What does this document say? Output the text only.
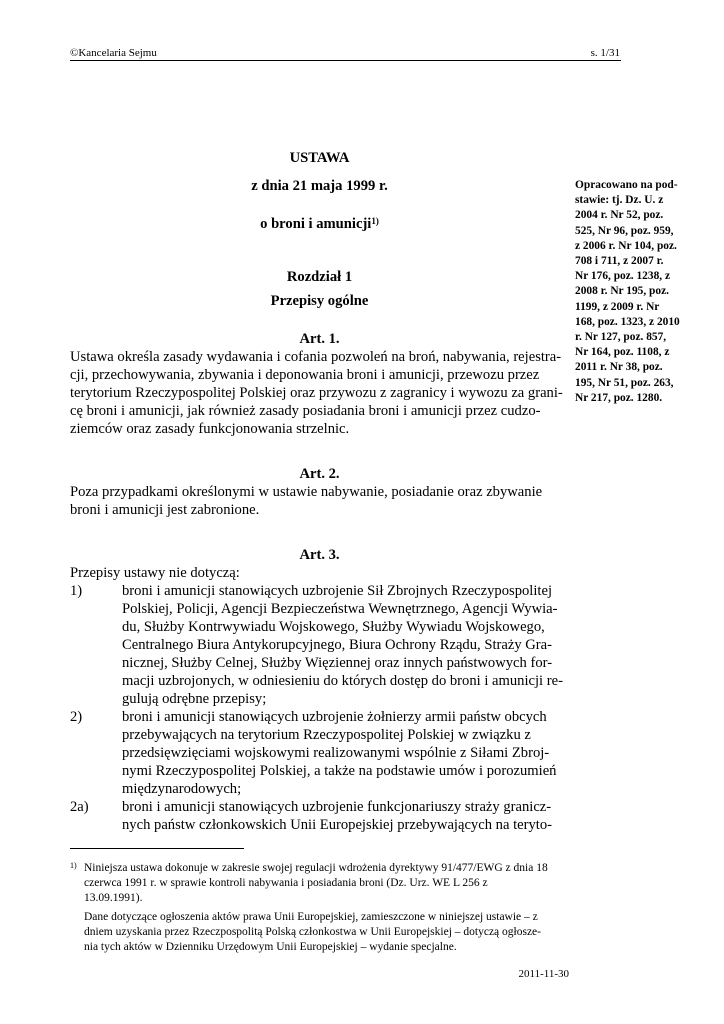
©Kancelaria Sejmu	s. 1/31
USTAWA
z dnia 21 maja 1999 r.
o broni i amunicji$^{1)}$
Rozdział 1
Przepisy ogólne
Art. 1.
Ustawa określa zasady wydawania i cofania pozwoleń na broń, nabywania, rejestra-
cji, przechowywania, zbywania i deponowania broni i amunicji, przewozu przez
terytorium Rzeczypospolitej Polskiej oraz przywozu z zagranicy i wywozu za grani-
cę broni i amunicji, jak również zasady posiadania broni i amunicji przez cudzo-
ziemców oraz zasady funkcjonowania strzelnic.
Art. 2.
Poza przypadkami określonymi w ustawie nabywanie, posiadanie oraz zbywanie
broni i amunicji jest zabronione.
Art. 3.
Przepisy ustawy nie dotyczą:
1)	broni i amunicji stanowiących uzbrojenie Sił Zbrojnych Rzeczypospolitej
Polskiej, Policji, Agencji Bezpieczeństwa Wewnętrznego, Agencji Wywia-
du, Służby Kontrwywiadu Wojskowego, Służby Wywiadu Wojskowego,
Centralnego Biura Antykorupcyjnego, Biura Ochrony Rządu, Straży Gra-
nicznej, Służby Celnej, Służby Więziennej oraz innych państwowych for-
macji uzbrojonych, w odniesieniu do których dostęp do broni i amunicji re-
gulują odrębne przepisy;
2)	broni i amunicji stanowiących uzbrojenie żołnierzy armii państw obcych
przebywających na terytorium Rzeczypospolitej Polskiej w związku z
przedsięwzięciami wojskowymi realizowanymi wspólnie z Siłami Zbroj-
nymi Rzeczypospolitej Polskiej, a także na podstawie umów i porozumień
międzynarodowych;
2a)	broni i amunicji stanowiących uzbrojenie funkcjonariuszy straży granicz-
nych państw członkowskich Unii Europejskiej przebywających na teryto-
Opracowano na pod-
stawie: tj. Dz. U. z
2004 r. Nr 52, poz.
525, Nr 96, poz. 959,
z 2006 r. Nr 104, poz.
708 i 711, z 2007 r.
Nr 176, poz. 1238, z
2008 r. Nr 195, poz.
1199, z 2009 r. Nr
168, poz. 1323, z 2010
r. Nr 127, poz. 857,
Nr 164, poz. 1108, z
2011 r. Nr 38, poz.
195, Nr 51, poz. 263,
Nr 217, poz. 1280.
1) Niniejsza ustawa dokonuje w zakresie swojej regulacji wdrożenia dyrektywy 91/477/EWG z dnia 18
czerwca 1991 r. w sprawie kontroli nabywania i posiadania broni (Dz. Urz. WE L 256 z
13.09.1991).
Dane dotyczące ogłoszenia aktów prawa Unii Europejskiej, zamieszczone w niniejszej ustawie – z
dniem uzyskania przez Rzeczpospolitą Polską członkostwa w Unii Europejskiej – dotyczą ogłosze-
nia tych aktów w Dzienniku Urzędowym Unii Europejskiej – wydanie specjalne.
2011-11-30
